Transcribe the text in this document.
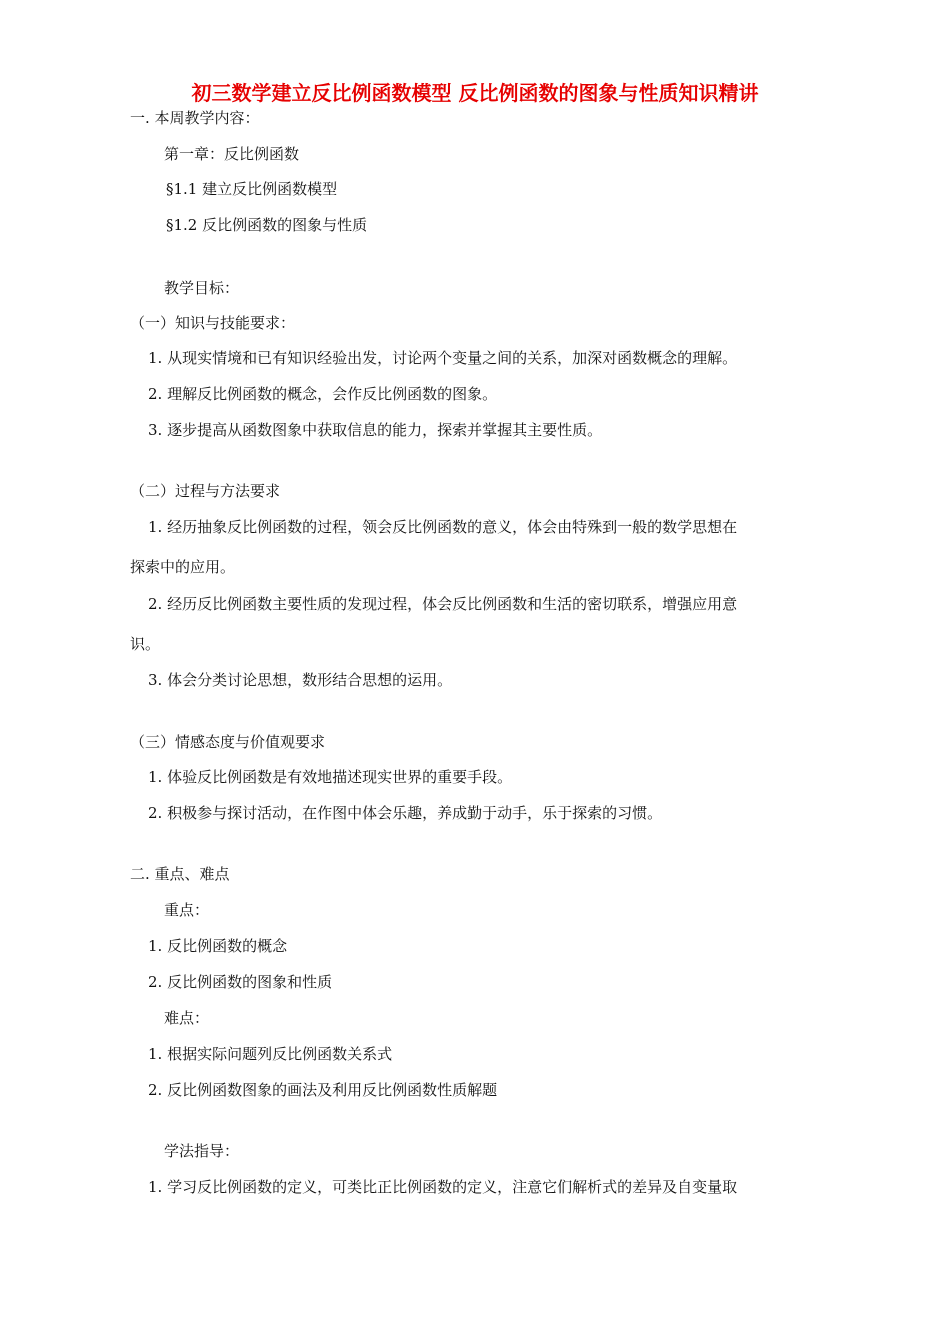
初三数学建立反比例函数模型 反比例函数的图象与性质知识精讲
一. 本周教学内容：
第一章：反比例函数
§1.1 建立反比例函数模型
§1.2 反比例函数的图象与性质
教学目标：
（一）知识与技能要求：
1. 从现实情境和已有知识经验出发，讨论两个变量之间的关系，加深对函数概念的理解。
2. 理解反比例函数的概念，会作反比例函数的图象。
3. 逐步提高从函数图象中获取信息的能力，探索并掌握其主要性质。
（二）过程与方法要求
1. 经历抽象反比例函数的过程，领会反比例函数的意义，体会由特殊到一般的数学思想在
探索中的应用。
2. 经历反比例函数主要性质的发现过程，体会反比例函数和生活的密切联系，增强应用意
识。
3. 体会分类讨论思想，数形结合思想的运用。
（三）情感态度与价值观要求
1. 体验反比例函数是有效地描述现实世界的重要手段。
2. 积极参与探讨活动，在作图中体会乐趣，养成勤于动手，乐于探索的习惯。
二. 重点、难点
重点：
1. 反比例函数的概念
2. 反比例函数的图象和性质
难点：
1. 根据实际问题列反比例函数关系式
2. 反比例函数图象的画法及利用反比例函数性质解题
学法指导：
1. 学习反比例函数的定义，可类比正比例函数的定义，注意它们解析式的差异及自变量取
